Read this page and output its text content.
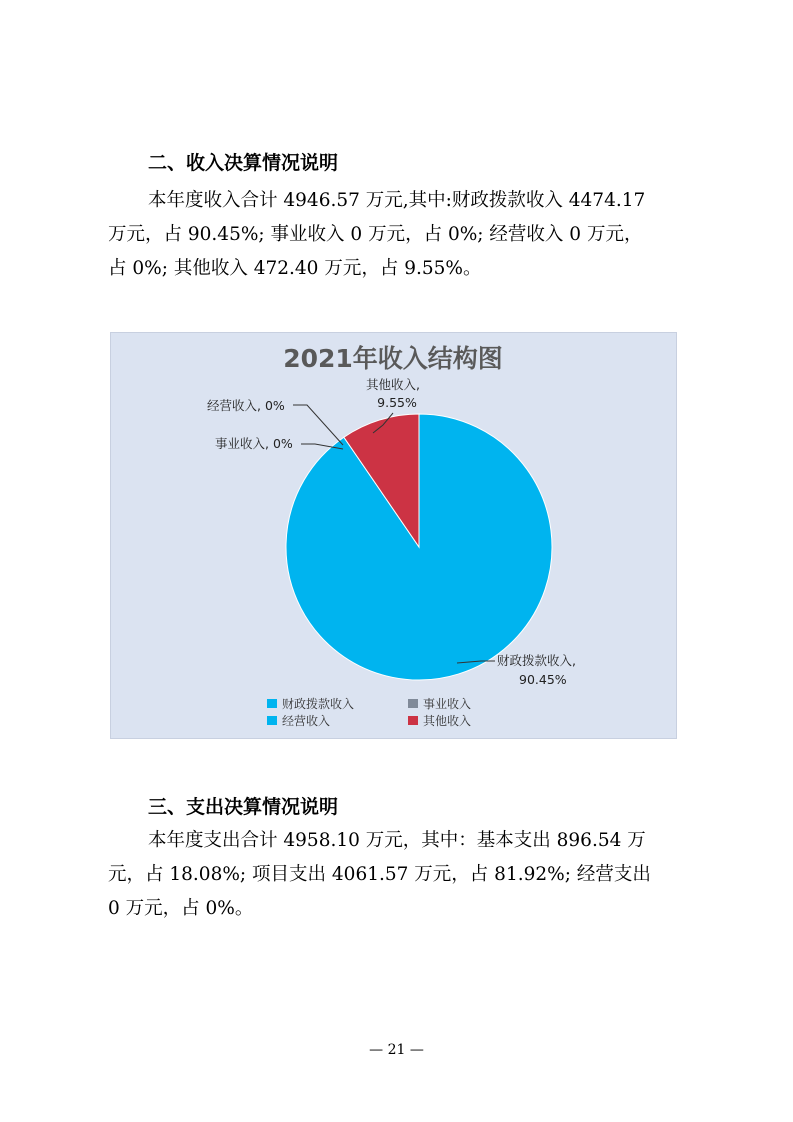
二、收入决算情况说明

本年度收入合计 4946.57 万元,其中:财政拨款收入 4474.17
万元，占 90.45%; 事业收入 0 万元，占 0%; 经营收入 0 万元，
占 0%; 其他收入 472.40 万元，占 9.55%。

2021年收入结构图
经营收入, 0%
事业收入, 0%
其他收入,
9.55%
财政拨款收入,
90.45%
财政拨款收入	事业收入
经营收入	其他收入
三、支出决算情况说明

本年度支出合计 4958.10 万元，其中：基本支出 896.54 万
元，占 18.08%; 项目支出 4061.57 万元，占 81.92%; 经营支出
0 万元，占 0%。

— 21 —
